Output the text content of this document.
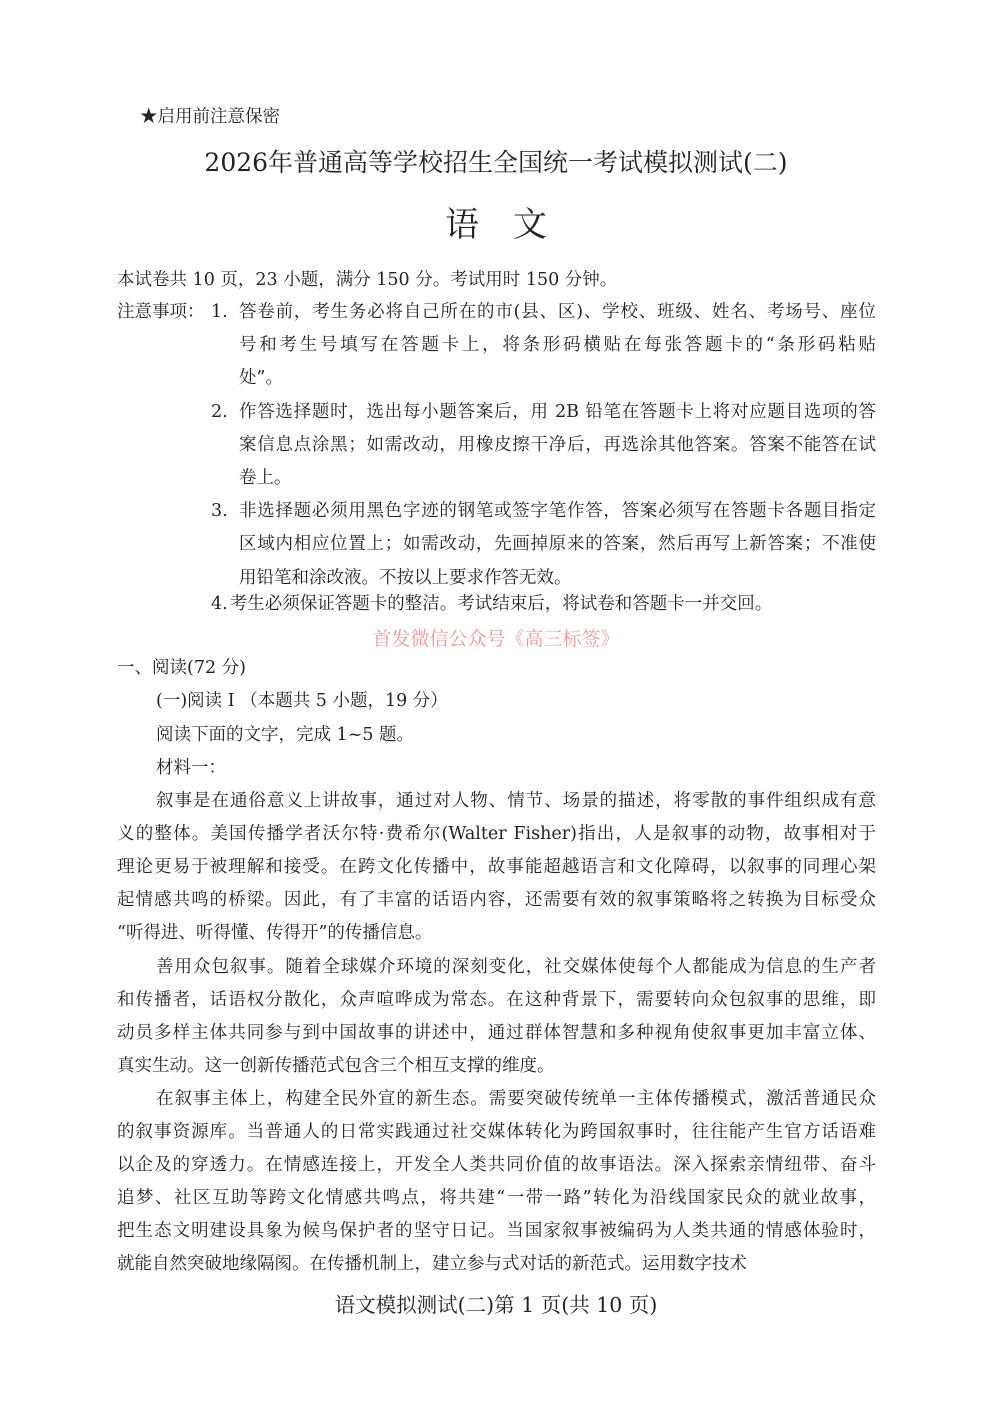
★启用前注意保密
2026年普通高等学校招生全国统一考试模拟测试(二)
语文
本试卷共 10 页，23 小题，满分 150 分。考试用时 150 分钟。
注意事项： 1. 答卷前，考生务必将自己所在的市(县、区)、学校、班级、姓名、考场号、座位
号和考生号填写在答题卡上，将条形码横贴在每张答题卡的“条形码粘贴
处”。
2. 作答选择题时，选出每小题答案后，用 2B 铅笔在答题卡上将对应题目选项的答
案信息点涂黑；如需改动，用橡皮擦干净后，再选涂其他答案。答案不能答在试
卷上。
3. 非选择题必须用黑色字迹的钢笔或签字笔作答，答案必须写在答题卡各题目指定
区域内相应位置上；如需改动，先画掉原来的答案，然后再写上新答案；不准使
用铅笔和涂改液。不按以上要求作答无效。
4. 考生必须保证答题卡的整洁。考试结束后，将试卷和答题卡一并交回。
一、阅读(72 分)
(一)阅读 I （本题共 5 小题，19 分）
阅读下面的文字，完成 1~5 题。
材料一：
叙事是在通俗意义上讲故事，通过对人物、情节、场景的描述，将零散的事件组织成有意
义的整体。美国传播学者沃尔特·费希尔(Walter Fisher)指出，人是叙事的动物，故事相对于
理论更易于被理解和接受。在跨文化传播中，故事能超越语言和文化障碍，以叙事的同理心架
起情感共鸣的桥梁。因此，有了丰富的话语内容，还需要有效的叙事策略将之转换为目标受众
“听得进、听得懂、传得开”的传播信息。
善用众包叙事。随着全球媒介环境的深刻变化，社交媒体使每个人都能成为信息的生产者
和传播者，话语权分散化，众声喧哗成为常态。在这种背景下，需要转向众包叙事的思维，即
动员多样主体共同参与到中国故事的讲述中，通过群体智慧和多种视角使叙事更加丰富立体、
真实生动。这一创新传播范式包含三个相互支撑的维度。
在叙事主体上，构建全民外宣的新生态。需要突破传统单一主体传播模式，激活普通民众
的叙事资源库。当普通人的日常实践通过社交媒体转化为跨国叙事时，往往能产生官方话语难
以企及的穿透力。在情感连接上，开发全人类共同价值的故事语法。深入探索亲情纽带、奋斗
追梦、社区互助等跨文化情感共鸣点，将共建“一带一路”转化为沿线国家民众的就业故事，
把生态文明建设具象为候鸟保护者的坚守日记。当国家叙事被编码为人类共通的情感体验时，
就能自然突破地缘隔阂。在传播机制上，建立参与式对话的新范式。运用数字技术
首发微信公众号《高三标签》
语文模拟测试(二)第 1 页(共 10 页)
